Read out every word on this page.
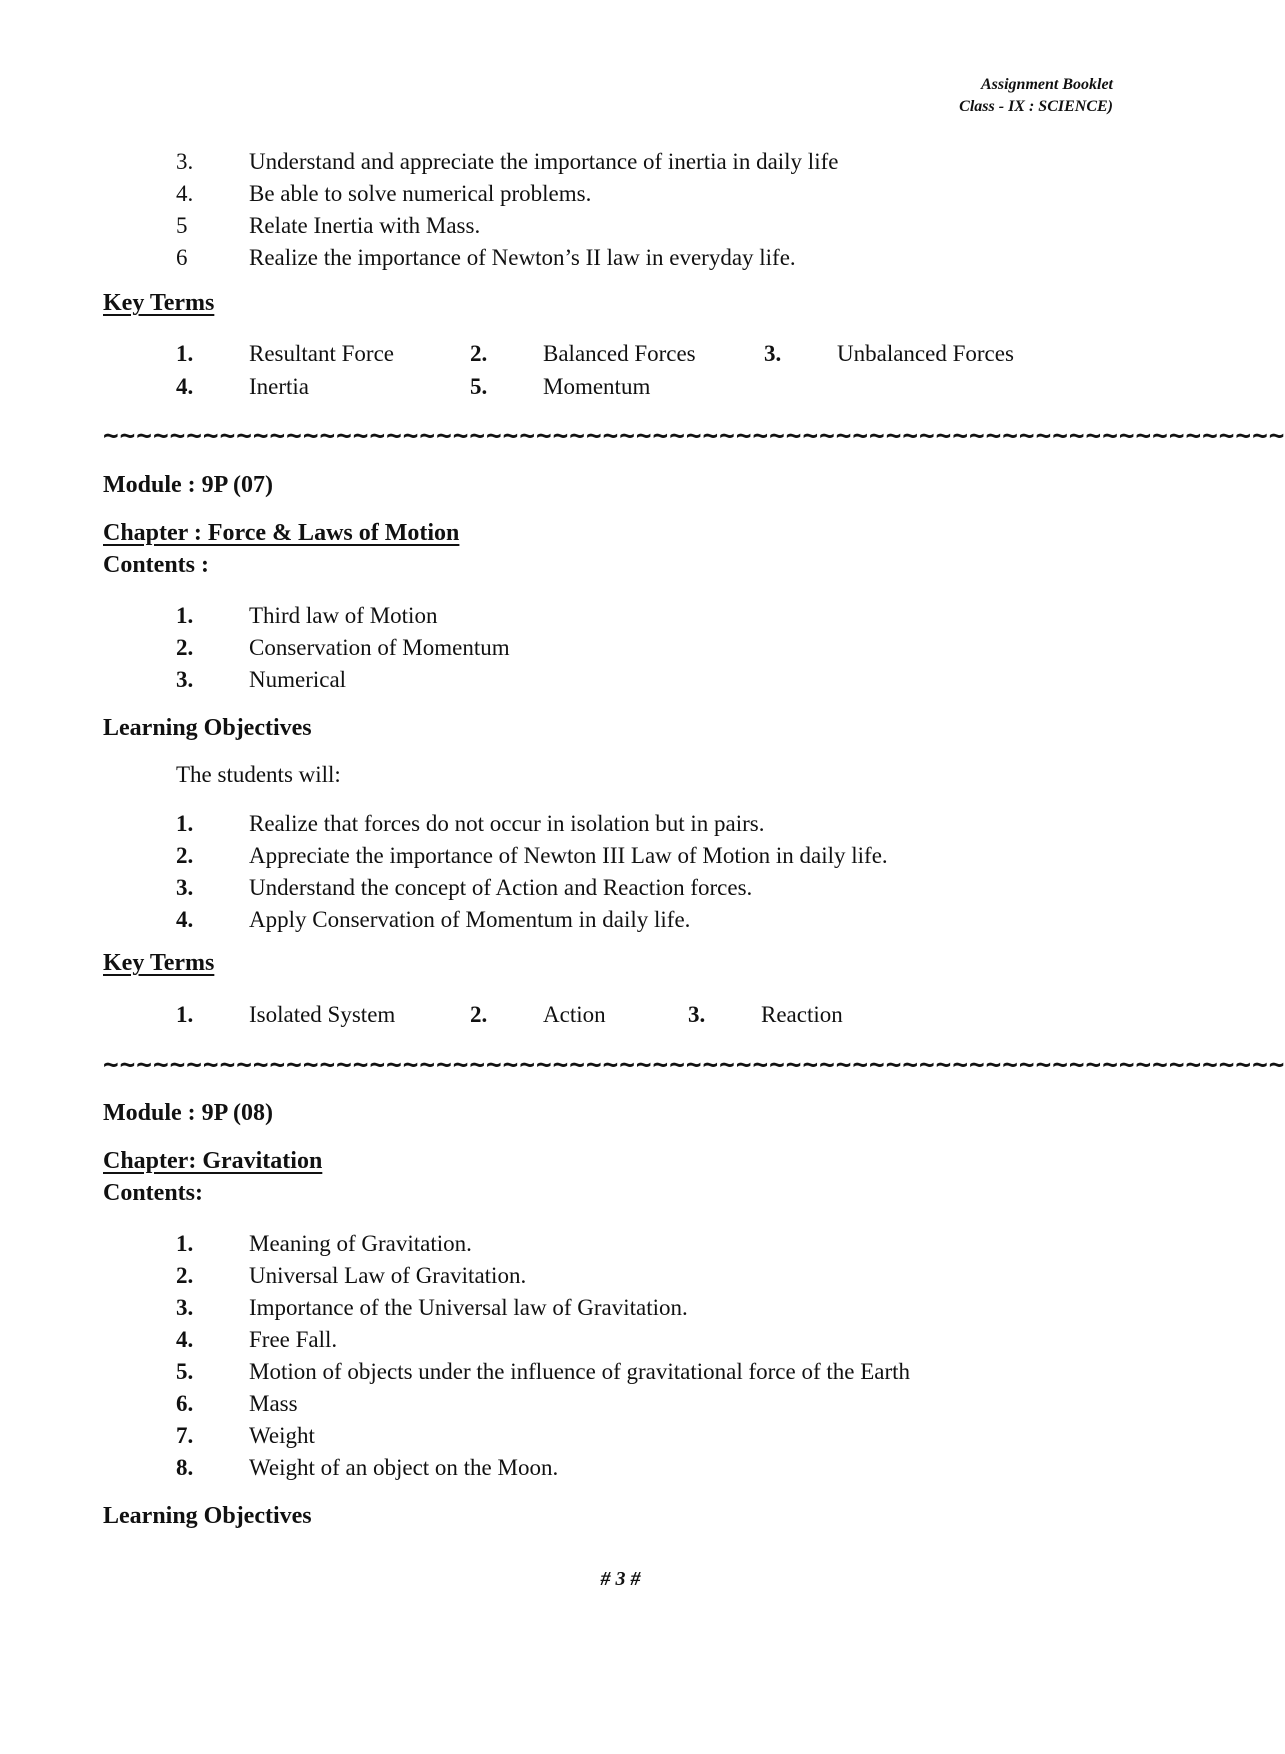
Assignment Booklet
Class - IX : SCIENCE)
3.	Understand and appreciate the importance of inertia in daily life
4.	Be able to solve numerical problems.
5	Relate Inertia with Mass.
6	Realize the importance of Newton’s II law in everyday life.
Key Terms
1. Resultant Force	2. Balanced Forces	3. Unbalanced Forces
4. Inertia	5. Momentum
~~~~~~~~~~~~~~~~~~~~~~~~~~~~~~~~~~~~~~~~~~~~~~~~~~~~~~~~~~~~~~~~~~~~~~~
Module : 9P (07)
Chapter : Force & Laws of Motion
Contents :
1.	Third law of Motion
2.	Conservation of Momentum
3.	Numerical
Learning Objectives
The students will:
1.	Realize that forces do not occur in isolation but in pairs.
2.	Appreciate the importance of Newton III Law of Motion in daily life.
3.	Understand the concept of Action and Reaction forces.
4.	Apply Conservation of Momentum in daily life.
Key Terms
1. Isolated System	2. Action	3. Reaction
~~~~~~~~~~~~~~~~~~~~~~~~~~~~~~~~~~~~~~~~~~~~~~~~~~~~~~~~~~~~~~~~~~~~~~~
Module : 9P (08)
Chapter: Gravitation
Contents:
1.	Meaning of Gravitation.
2.	Universal Law of Gravitation.
3.	Importance of the Universal law of Gravitation.
4.	Free Fall.
5.	Motion of objects under the influence of gravitational force of the Earth
6.	Mass
7.	Weight
8.	Weight of an object on the Moon.
Learning Objectives
# 3 #
